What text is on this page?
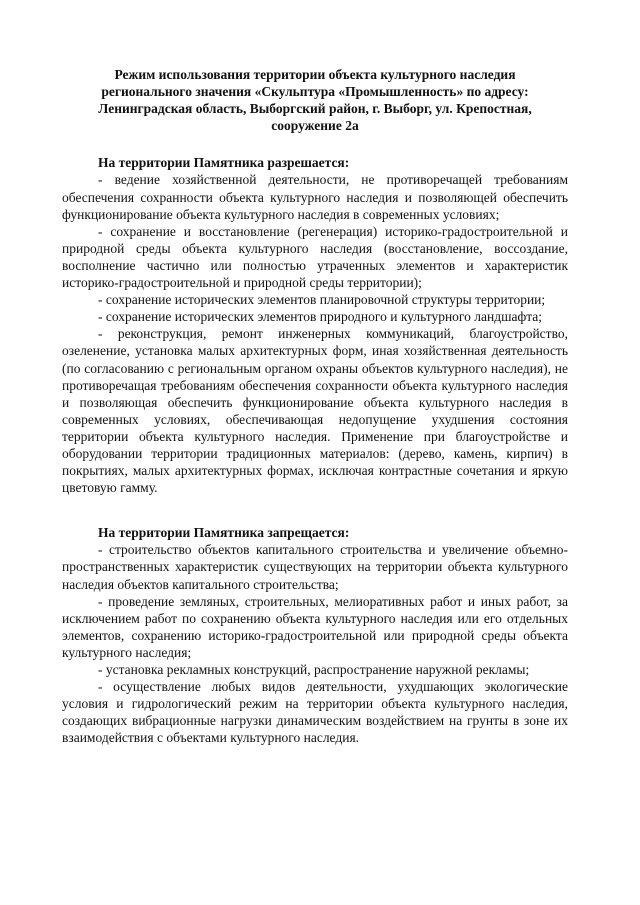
Режим использования территории объекта культурного наследия регионального значения «Скульптура «Промышленность» по адресу: Ленинградская область, Выборгский район, г. Выборг, ул. Крепостная, сооружение 2а

На территории Памятника разрешается:

- ведение хозяйственной деятельности, не противоречащей требованиям обеспечения сохранности объекта культурного наследия и позволяющей обеспечить функционирование объекта культурного наследия в современных условиях;

- сохранение и восстановление (регенерация) историко-градостроительной и природной среды объекта культурного наследия (восстановление, воссоздание, восполнение частично или полностью утраченных элементов и характеристик историко-градостроительной и природной среды территории);

- сохранение исторических элементов планировочной структуры территории;

- сохранение исторических элементов природного и культурного ландшафта;

- реконструкция, ремонт инженерных коммуникаций, благоустройство, озеленение, установка малых архитектурных форм, иная хозяйственная деятельность (по согласованию с региональным органом охраны объектов культурного наследия), не противоречащая требованиям обеспечения сохранности объекта культурного наследия и позволяющая обеспечить функционирование объекта культурного наследия в современных условиях, обеспечивающая недопущение ухудшения состояния территории объекта культурного наследия. Применение при благоустройстве и оборудовании территории традиционных материалов: (дерево, камень, кирпич) в покрытиях, малых архитектурных формах, исключая контрастные сочетания и яркую цветовую гамму.

На территории Памятника запрещается:

- строительство объектов капитального строительства и увеличение объемно-пространственных характеристик существующих на территории объекта культурного наследия объектов капитального строительства;

- проведение земляных, строительных, мелиоративных работ и иных работ, за исключением работ по сохранению объекта культурного наследия или его отдельных элементов, сохранению историко-градостроительной или природной среды объекта культурного наследия;

- установка рекламных конструкций, распространение наружной рекламы;

- осуществление любых видов деятельности, ухудшающих экологические условия и гидрологический режим на территории объекта культурного наследия, создающих вибрационные нагрузки динамическим воздействием на грунты в зоне их взаимодействия с объектами культурного наследия.
